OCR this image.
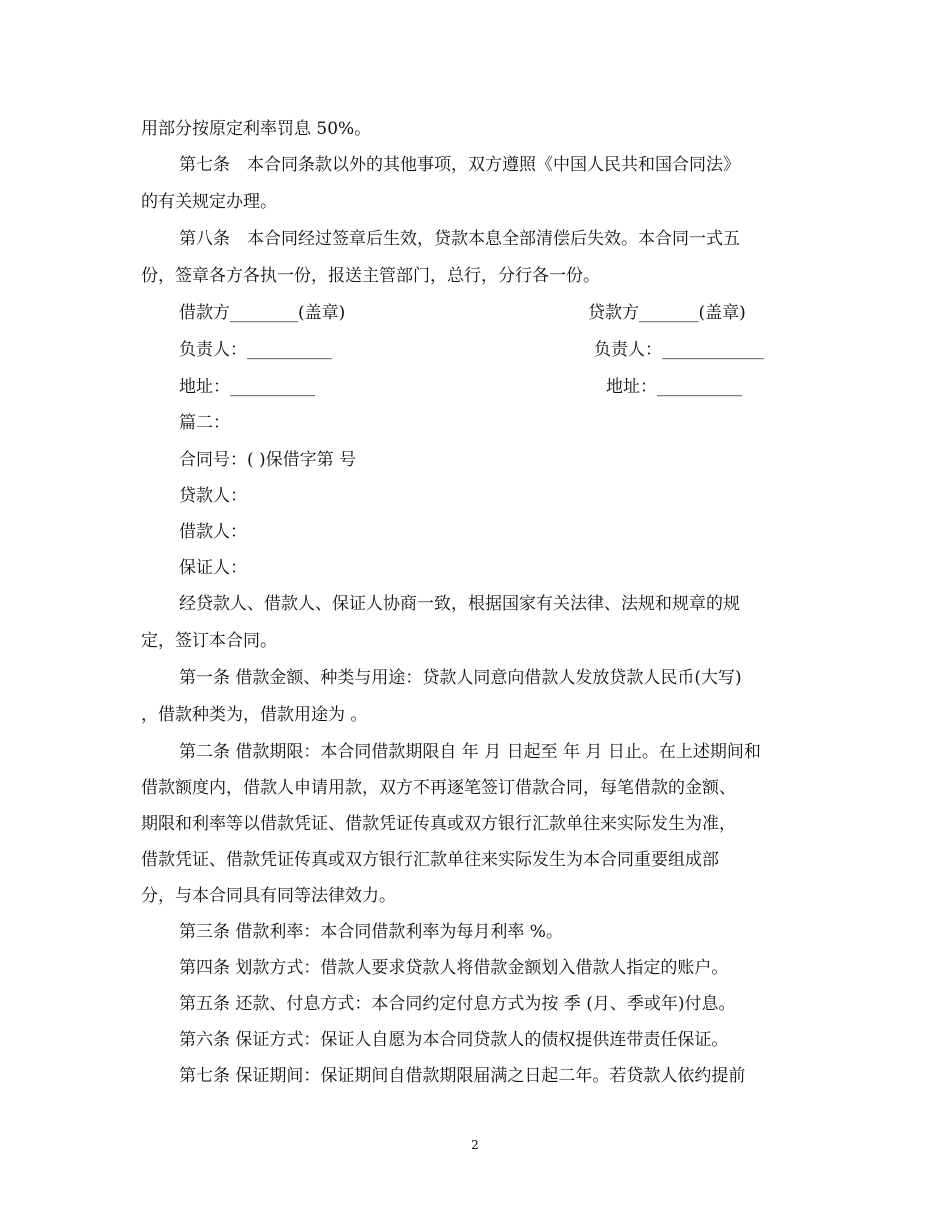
用部分按原定利率罚息 50%。
第七条　本合同条款以外的其他事项，双方遵照《中国人民共和国合同法》
的有关规定办理。
第八条　本合同经过签章后生效，贷款本息全部清偿后失效。本合同一式五
份，签章各方各执一份，报送主管部门，总行，分行各一份。
借款方________(盖章)	贷款方_______(盖章)
负责人：__________	负责人：____________
地址：__________	地址：__________
篇二：
合同号：( )保借字第 号
贷款人：
借款人：
保证人：
经贷款人、借款人、保证人协商一致，根据国家有关法律、法规和规章的规
定，签订本合同。
第一条 借款金额、种类与用途：贷款人同意向借款人发放贷款人民币(大写)
，借款种类为，借款用途为 。
第二条 借款期限：本合同借款期限自 年 月 日起至 年 月 日止。在上述期间和
借款额度内，借款人申请用款，双方不再逐笔签订借款合同，每笔借款的金额、
期限和利率等以借款凭证、借款凭证传真或双方银行汇款单往来实际发生为准，
借款凭证、借款凭证传真或双方银行汇款单往来实际发生为本合同重要组成部
分，与本合同具有同等法律效力。
第三条 借款利率：本合同借款利率为每月利率 %。
第四条 划款方式：借款人要求贷款人将借款金额划入借款人指定的账户。
第五条 还款、付息方式：本合同约定付息方式为按 季 (月、季或年)付息。
第六条 保证方式：保证人自愿为本合同贷款人的债权提供连带责任保证。
第七条 保证期间：保证期间自借款期限届满之日起二年。若贷款人依约提前
2
